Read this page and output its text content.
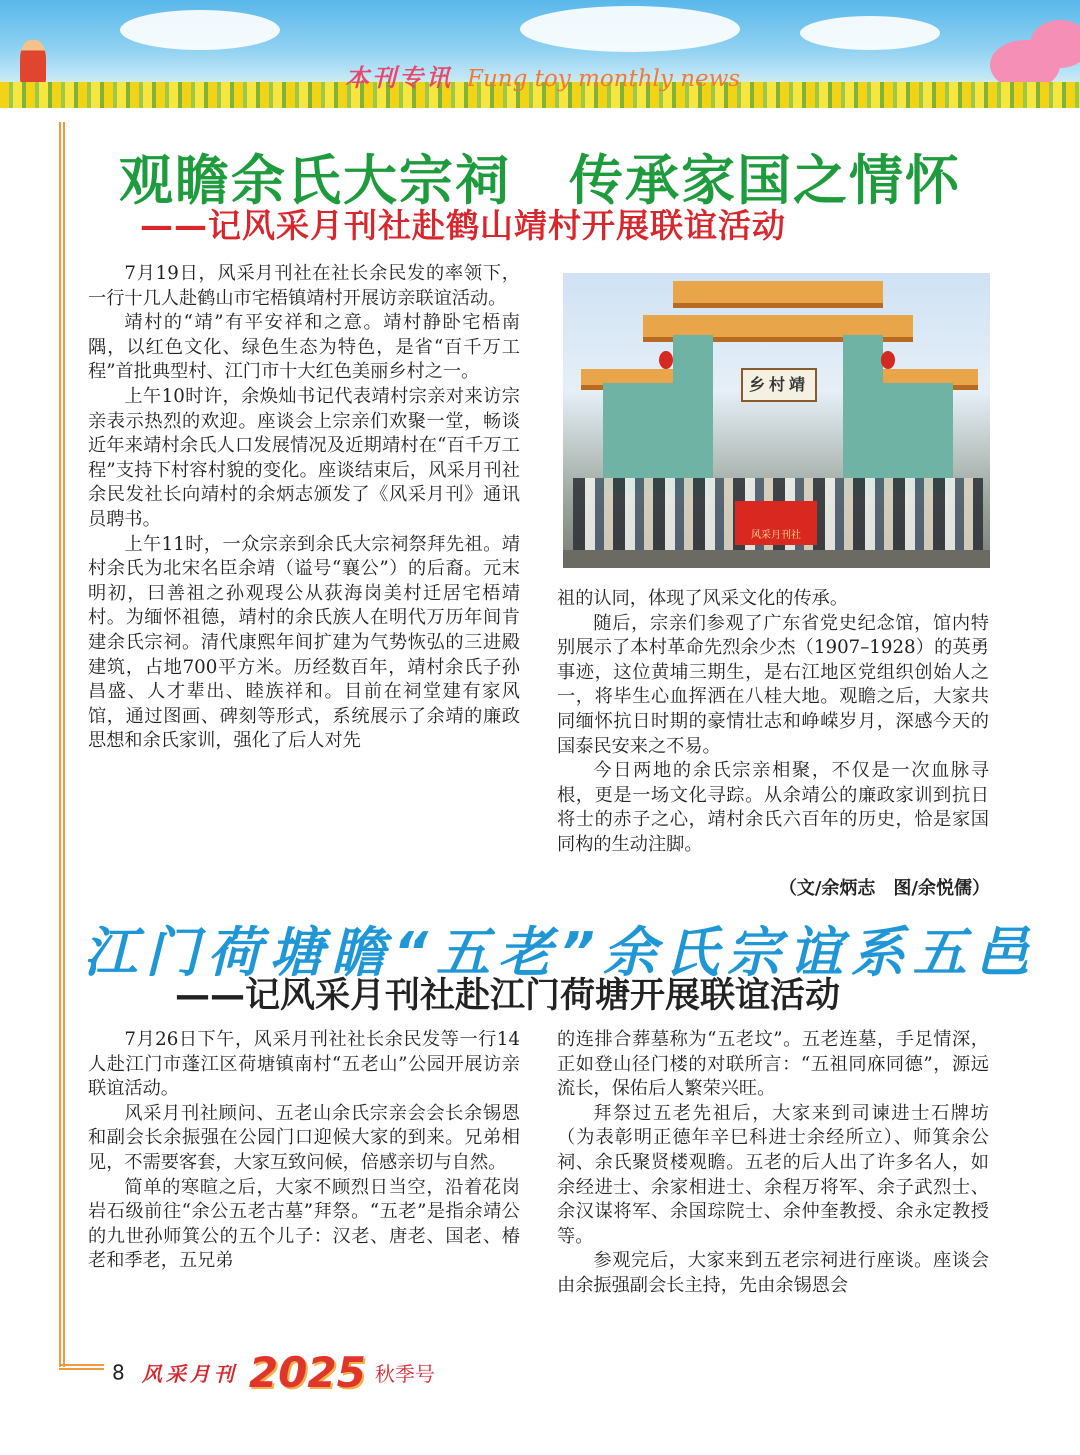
本刊专讯 Fung toy monthly news
观瞻余氏大宗祠 传承家国之情怀
——记风采月刊社赴鹤山靖村开展联谊活动

7月19日，风采月刊社在社长余民发的率领下，一行十几人赴鹤山市宅梧镇靖村开展访亲联谊活动。

靖村的“靖”有平安祥和之意。靖村静卧宅梧南隅，以红色文化、绿色生态为特色，是省“百千万工程”首批典型村、江门市十大红色美丽乡村之一。

上午10时许，余焕灿书记代表靖村宗亲对来访宗亲表示热烈的欢迎。座谈会上宗亲们欢聚一堂，畅谈近年来靖村余氏人口发展情况及近期靖村在“百千万工程”支持下村容村貌的变化。座谈结束后，风采月刊社余民发社长向靖村的余炳志颁发了《风采月刊》通讯员聘书。

上午11时，一众宗亲到余氏大宗祠祭拜先祖。靖村余氏为北宋名臣余靖（谥号“襄公”）的后裔。元末明初，曰善祖之孙观琝公从荻海岗美村迁居宅梧靖村。为缅怀祖德，靖村的余氏族人在明代万历年间肯建余氏宗祠。清代康熙年间扩建为气势恢弘的三进殿建筑，占地700平方米。历经数百年，靖村余氏子孙昌盛、人才辈出、睦族祥和。目前在祠堂建有家风馆，通过图画、碑刻等形式，系统展示了余靖的廉政思想和余氏家训，强化了后人对先

乡村靖
风采月刊社

祖的认同，体现了风采文化的传承。

随后，宗亲们参观了广东省党史纪念馆，馆内特别展示了本村革命先烈余少杰（1907–1928）的英勇事迹，这位黄埔三期生，是右江地区党组织创始人之一，将毕生心血挥洒在八桂大地。观瞻之后，大家共同缅怀抗日时期的豪情壮志和峥嵘岁月，深感今天的国泰民安来之不易。

今日两地的余氏宗亲相聚，不仅是一次血脉寻根，更是一场文化寻踪。从余靖公的廉政家训到抗日将士的赤子之心，靖村余氏六百年的历史，恰是家国同构的生动注脚。

（文/余炳志　图/余悦儒）
江门荷塘瞻“五老”余氏宗谊系五邑
——记风采月刊社赴江门荷塘开展联谊活动

7月26日下午，风采月刊社社长余民发等一行14人赴江门市蓬江区荷塘镇南村“五老山”公园开展访亲联谊活动。

风采月刊社顾问、五老山余氏宗亲会会长余锡恩和副会长余振强在公园门口迎候大家的到来。兄弟相见，不需要客套，大家互致问候，倍感亲切与自然。

简单的寒暄之后，大家不顾烈日当空，沿着花岗岩石级前往“余公五老古墓”拜祭。“五老”是指余靖公的九世孙师箕公的五个儿子：汉老、唐老、国老、椿老和季老，五兄弟

的连排合葬墓称为“五老坟”。五老连墓，手足情深，正如登山径门楼的对联所言：“五祖同庥同德”，源远流长，保佑后人繁荣兴旺。

拜祭过五老先祖后，大家来到司谏进士石牌坊（为表彰明正德年辛巳科进士余经所立）、师箕余公祠、余氏聚贤楼观瞻。五老的后人出了许多名人，如余经进士、余家相进士、余程万将军、余子武烈士、余汉谋将军、余国琮院士、余仲奎教授、余永定教授等。

参观完后，大家来到五老宗祠进行座谈。座谈会由余振强副会长主持，先由余锡恩会

8 风采月刊 2025 秋季号
